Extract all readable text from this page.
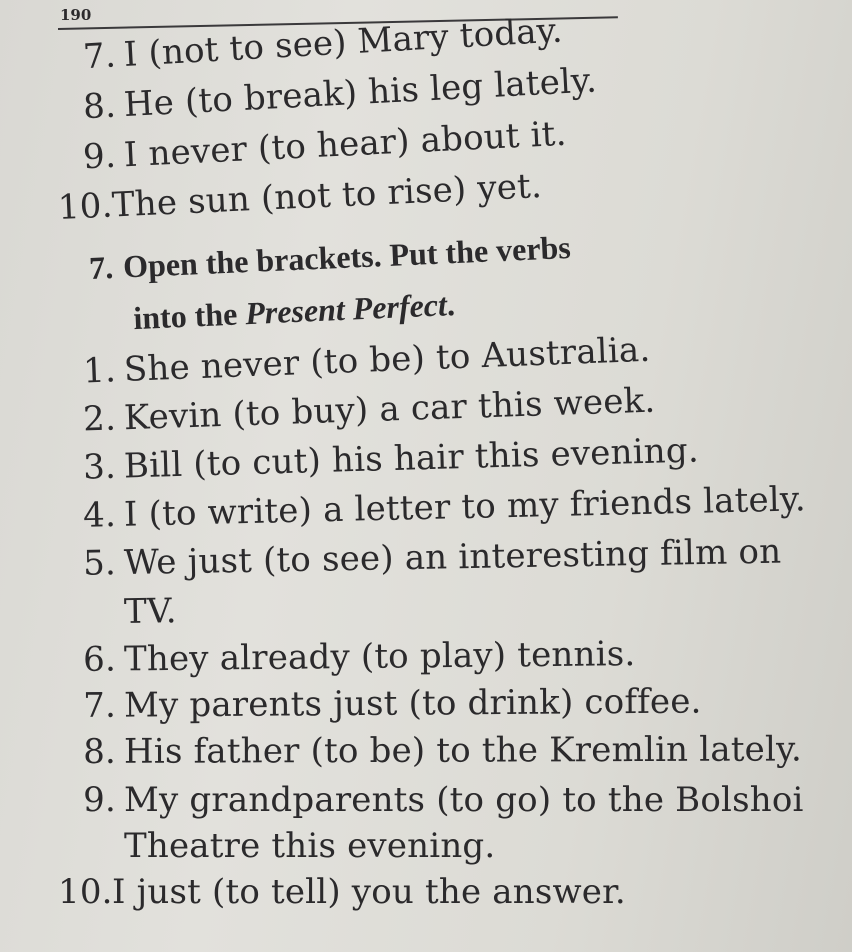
190
7. I (not to see) Mary today.
8. He (to break) his leg lately.
9. I never (to hear) about it.
10.The sun (not to rise) yet.
7. Open the brackets. Put the verbs
into the Present Perfect.
1. She never (to be) to Australia.
2. Kevin (to buy) a car this week.
3. Bill (to cut) his hair this evening.
4. I (to write) a letter to my friends lately.
5. We just (to see) an interesting film on
TV.
6. They already (to play) tennis.
7. My parents just (to drink) coffee.
8. His father (to be) to the Kremlin lately.
9. My grandparents (to go) to the Bolshoi
Theatre this evening.
10.I just (to tell) you the answer.
